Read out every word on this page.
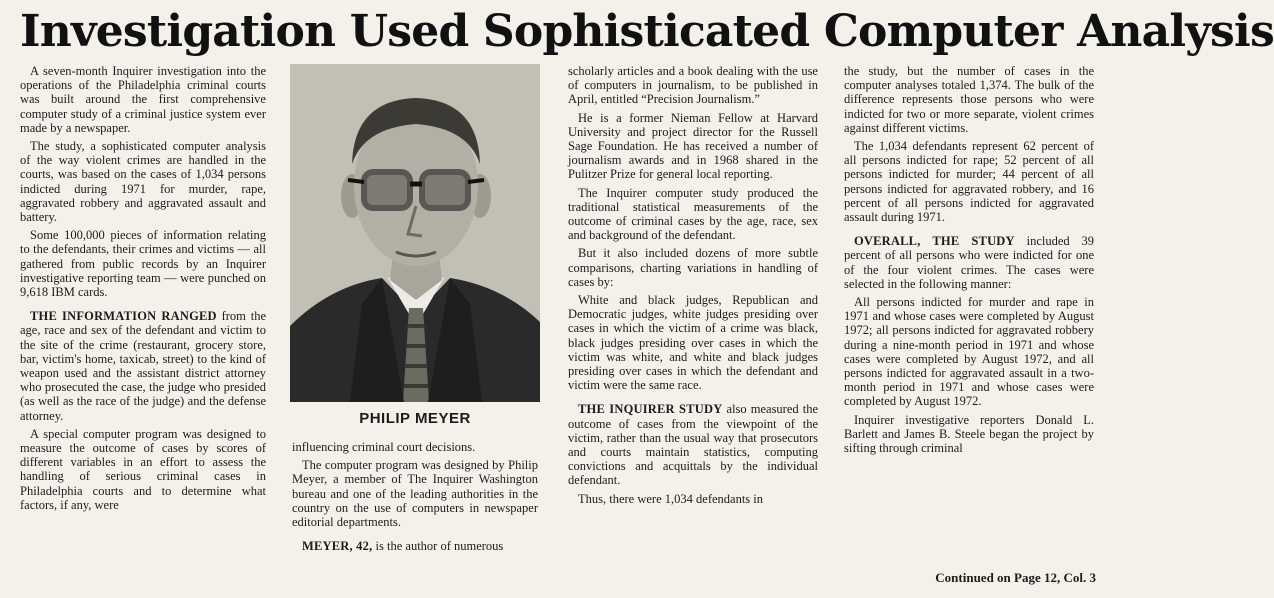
Investigation Used Sophisticated Computer Analysis

A seven-month Inquirer investigation into the operations of the Philadelphia criminal courts was built around the first comprehensive computer study of a criminal justice system ever made by a newspaper.

The study, a sophisticated computer analysis of the way violent crimes are handled in the courts, was based on the cases of 1,034 persons indicted during 1971 for murder, rape, aggravated robbery and aggravated assault and battery.

Some 100,000 pieces of information relating to the defendants, their crimes and victims — all gathered from public records by an Inquirer investigative reporting team — were punched on 9,618 IBM cards.

THE INFORMATION RANGED from the age, race and sex of the defendant and victim to the site of the crime (restaurant, grocery store, bar, victim's home, taxicab, street) to the kind of weapon used and the assistant district attorney who prosecuted the case, the judge who presided (as well as the race of the judge) and the defense attorney.

A special computer program was designed to measure the outcome of cases by scores of different variables in an effort to assess the handling of serious criminal cases in Philadelphia courts and to determine what factors, if any, were

PHILIP MEYER

influencing criminal court decisions.

The computer program was designed by Philip Meyer, a member of The Inquirer Washington bureau and one of the leading authorities in the country on the use of computers in newspaper editorial departments.

MEYER, 42, is the author of numerous

scholarly articles and a book dealing with the use of computers in journalism, to be published in April, entitled “Precision Journalism.”

He is a former Nieman Fellow at Harvard University and project director for the Russell Sage Foundation. He has received a number of journalism awards and in 1968 shared in the Pulitzer Prize for general local reporting.

The Inquirer computer study produced the traditional statistical measurements of the outcome of criminal cases by the age, race, sex and background of the defendant.

But it also included dozens of more subtle comparisons, charting variations in handling of cases by:

White and black judges, Republican and Democratic judges, white judges presiding over cases in which the victim of a crime was black, black judges presiding over cases in which the victim was white, and white and black judges presiding over cases in which the defendant and victim were the same race.

THE INQUIRER STUDY also measured the outcome of cases from the viewpoint of the victim, rather than the usual way that prosecutors and courts maintain statistics, computing convictions and acquittals by the individual defendant.

Thus, there were 1,034 defendants in

the study, but the number of cases in the computer analyses totaled 1,374. The bulk of the difference represents those persons who were indicted for two or more separate, violent crimes against different victims.

The 1,034 defendants represent 62 percent of all persons indicted for rape; 52 percent of all persons indicted for murder; 44 percent of all persons indicted for aggravated robbery, and 16 percent of all persons indicted for aggravated assault during 1971.

OVERALL, THE STUDY included 39 percent of all persons who were indicted for one of the four violent crimes. The cases were selected in the following manner:

All persons indicted for murder and rape in 1971 and whose cases were completed by August 1972; all persons indicted for aggravated robbery during a nine-month period in 1971 and whose cases were completed by August 1972, and all persons indicted for aggravated assault in a two-month period in 1971 and whose cases were completed by August 1972.

Inquirer investigative reporters Donald L. Barlett and James B. Steele began the project by sifting through criminal

Continued on Page 12, Col. 3
